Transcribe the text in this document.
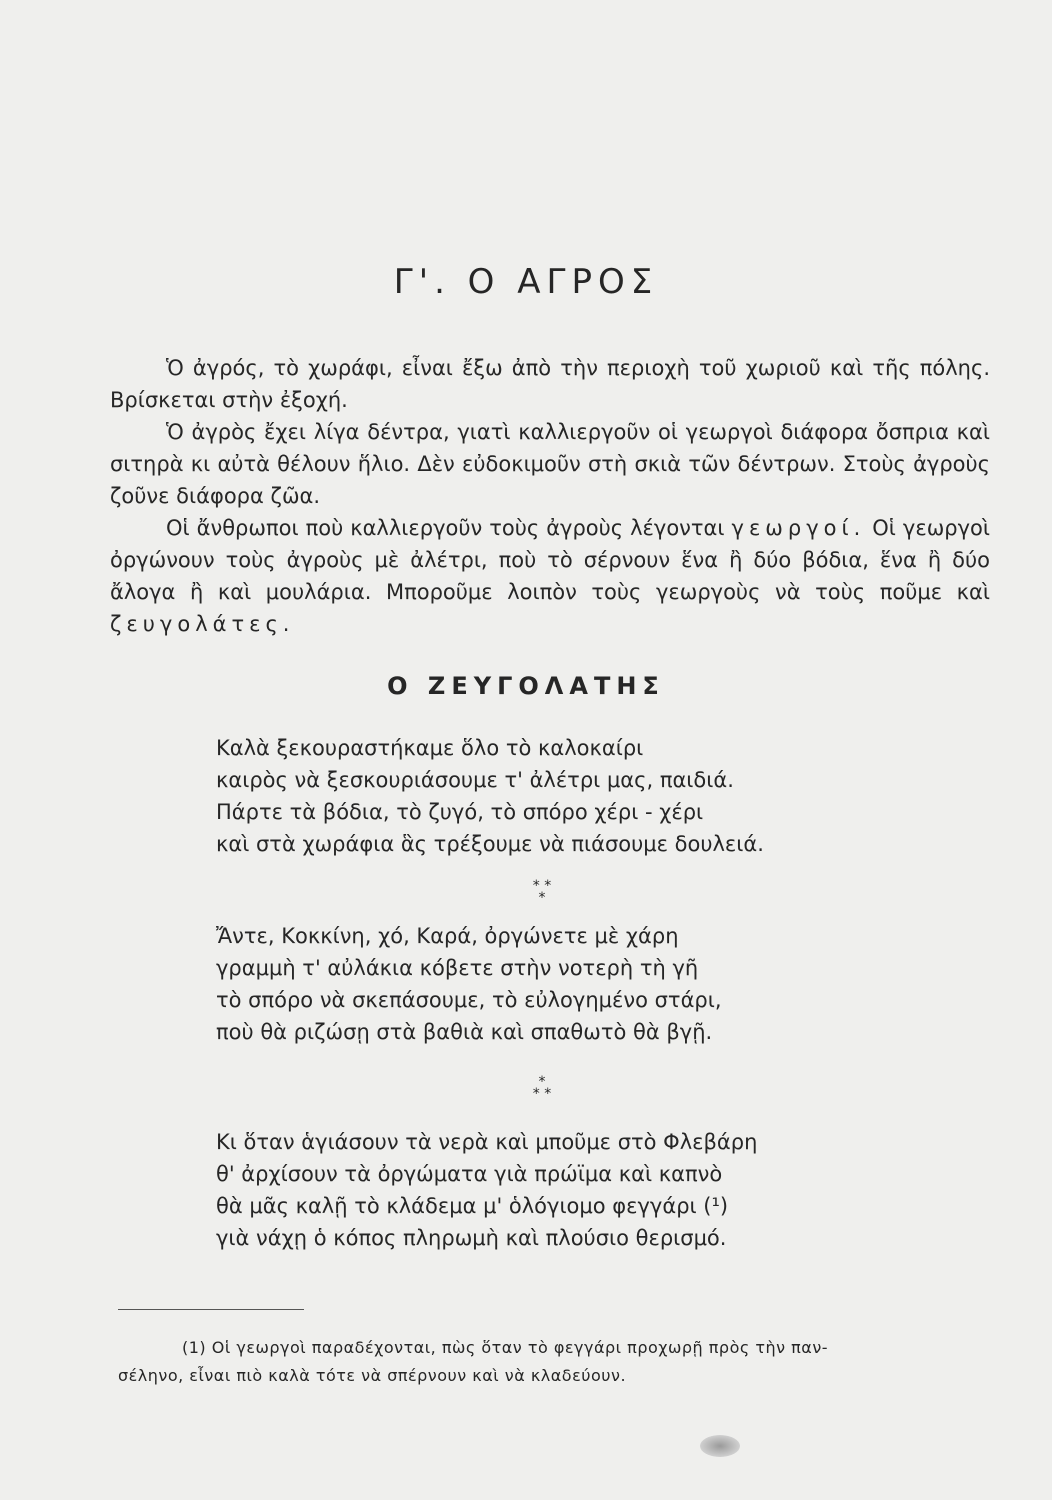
Γ'. Ο ΑΓΡΟΣ

Ὁ ἀγρός, τὸ χωράφι, εἶναι ἔξω ἀπὸ τὴν περιοχὴ τοῦ χωριοῦ καὶ τῆς πόλης. Βρίσκεται στὴν ἐξοχή.

Ὁ ἀγρὸς ἔχει λίγα δέντρα, γιατὶ καλλιεργοῦν οἱ γεωργοὶ διάφορα ὄσπρια καὶ σιτηρὰ κι αὐτὰ θέλουν ἥλιο. Δὲν εὐδοκιμοῦν στὴ σκιὰ τῶν δέντρων. Στοὺς ἀγροὺς ζοῦνε διάφορα ζῶα.

Οἱ ἄνθρωποι ποὺ καλλιεργοῦν τοὺς ἀγροὺς λέγονται γεωργοί. Οἱ γεωργοὶ ὀργώνουν τοὺς ἀγροὺς μὲ ἀλέτρι, ποὺ τὸ σέρνουν ἕνα ἢ δύο βόδια, ἕνα ἢ δύο ἄλογα ἢ καὶ μουλάρια. Μποροῦμε λοιπὸν τοὺς γεωργοὺς νὰ τοὺς ποῦμε καὶ ζευγολάτες.

Ο ΖΕΥΓΟΛΑΤΗΣ
Καλὰ ξεκουραστήκαμε ὅλο τὸ καλοκαίρι
καιρὸς νὰ ξεσκουριάσουμε τ' ἀλέτρι μας, παιδιά.
Πάρτε τὰ βόδια, τὸ ζυγό, τὸ σπόρο χέρι - χέρι
καὶ στὰ χωράφια ἃς τρέξουμε νὰ πιάσουμε δουλειά.
* *
*
Ἄντε, Κοκκίνη, χό, Καρά, ὀργώνετε μὲ χάρη
γραμμὴ τ' αὐλάκια κόβετε στὴν νοτερὴ τὴ γῆ
τὸ σπόρο νὰ σκεπάσουμε, τὸ εὐλογημένο στάρι,
ποὺ θὰ ριζώσῃ στὰ βαθιὰ καὶ σπαθωτὸ θὰ βγῇ.
*
* *
Κι ὅταν ἁγιάσουν τὰ νερὰ καὶ μποῦμε στὸ Φλεβάρη
θ' ἀρχίσουν τὰ ὀργώματα γιὰ πρώϊμα καὶ καπνὸ
θὰ μᾶς καλῇ τὸ κλάδεμα μ' ὁλόγιομο φεγγάρι (¹)
γιὰ νάχῃ ὁ κόπος πληρωμὴ καὶ πλούσιο θερισμό.
(1) Οἱ γεωργοὶ παραδέχονται, πὼς ὅταν τὸ φεγγάρι προχωρῇ πρὸς τὴν παν-
σέληνο, εἶναι πιὸ καλὰ τότε νὰ σπέρνουν καὶ νὰ κλαδεύουν.
